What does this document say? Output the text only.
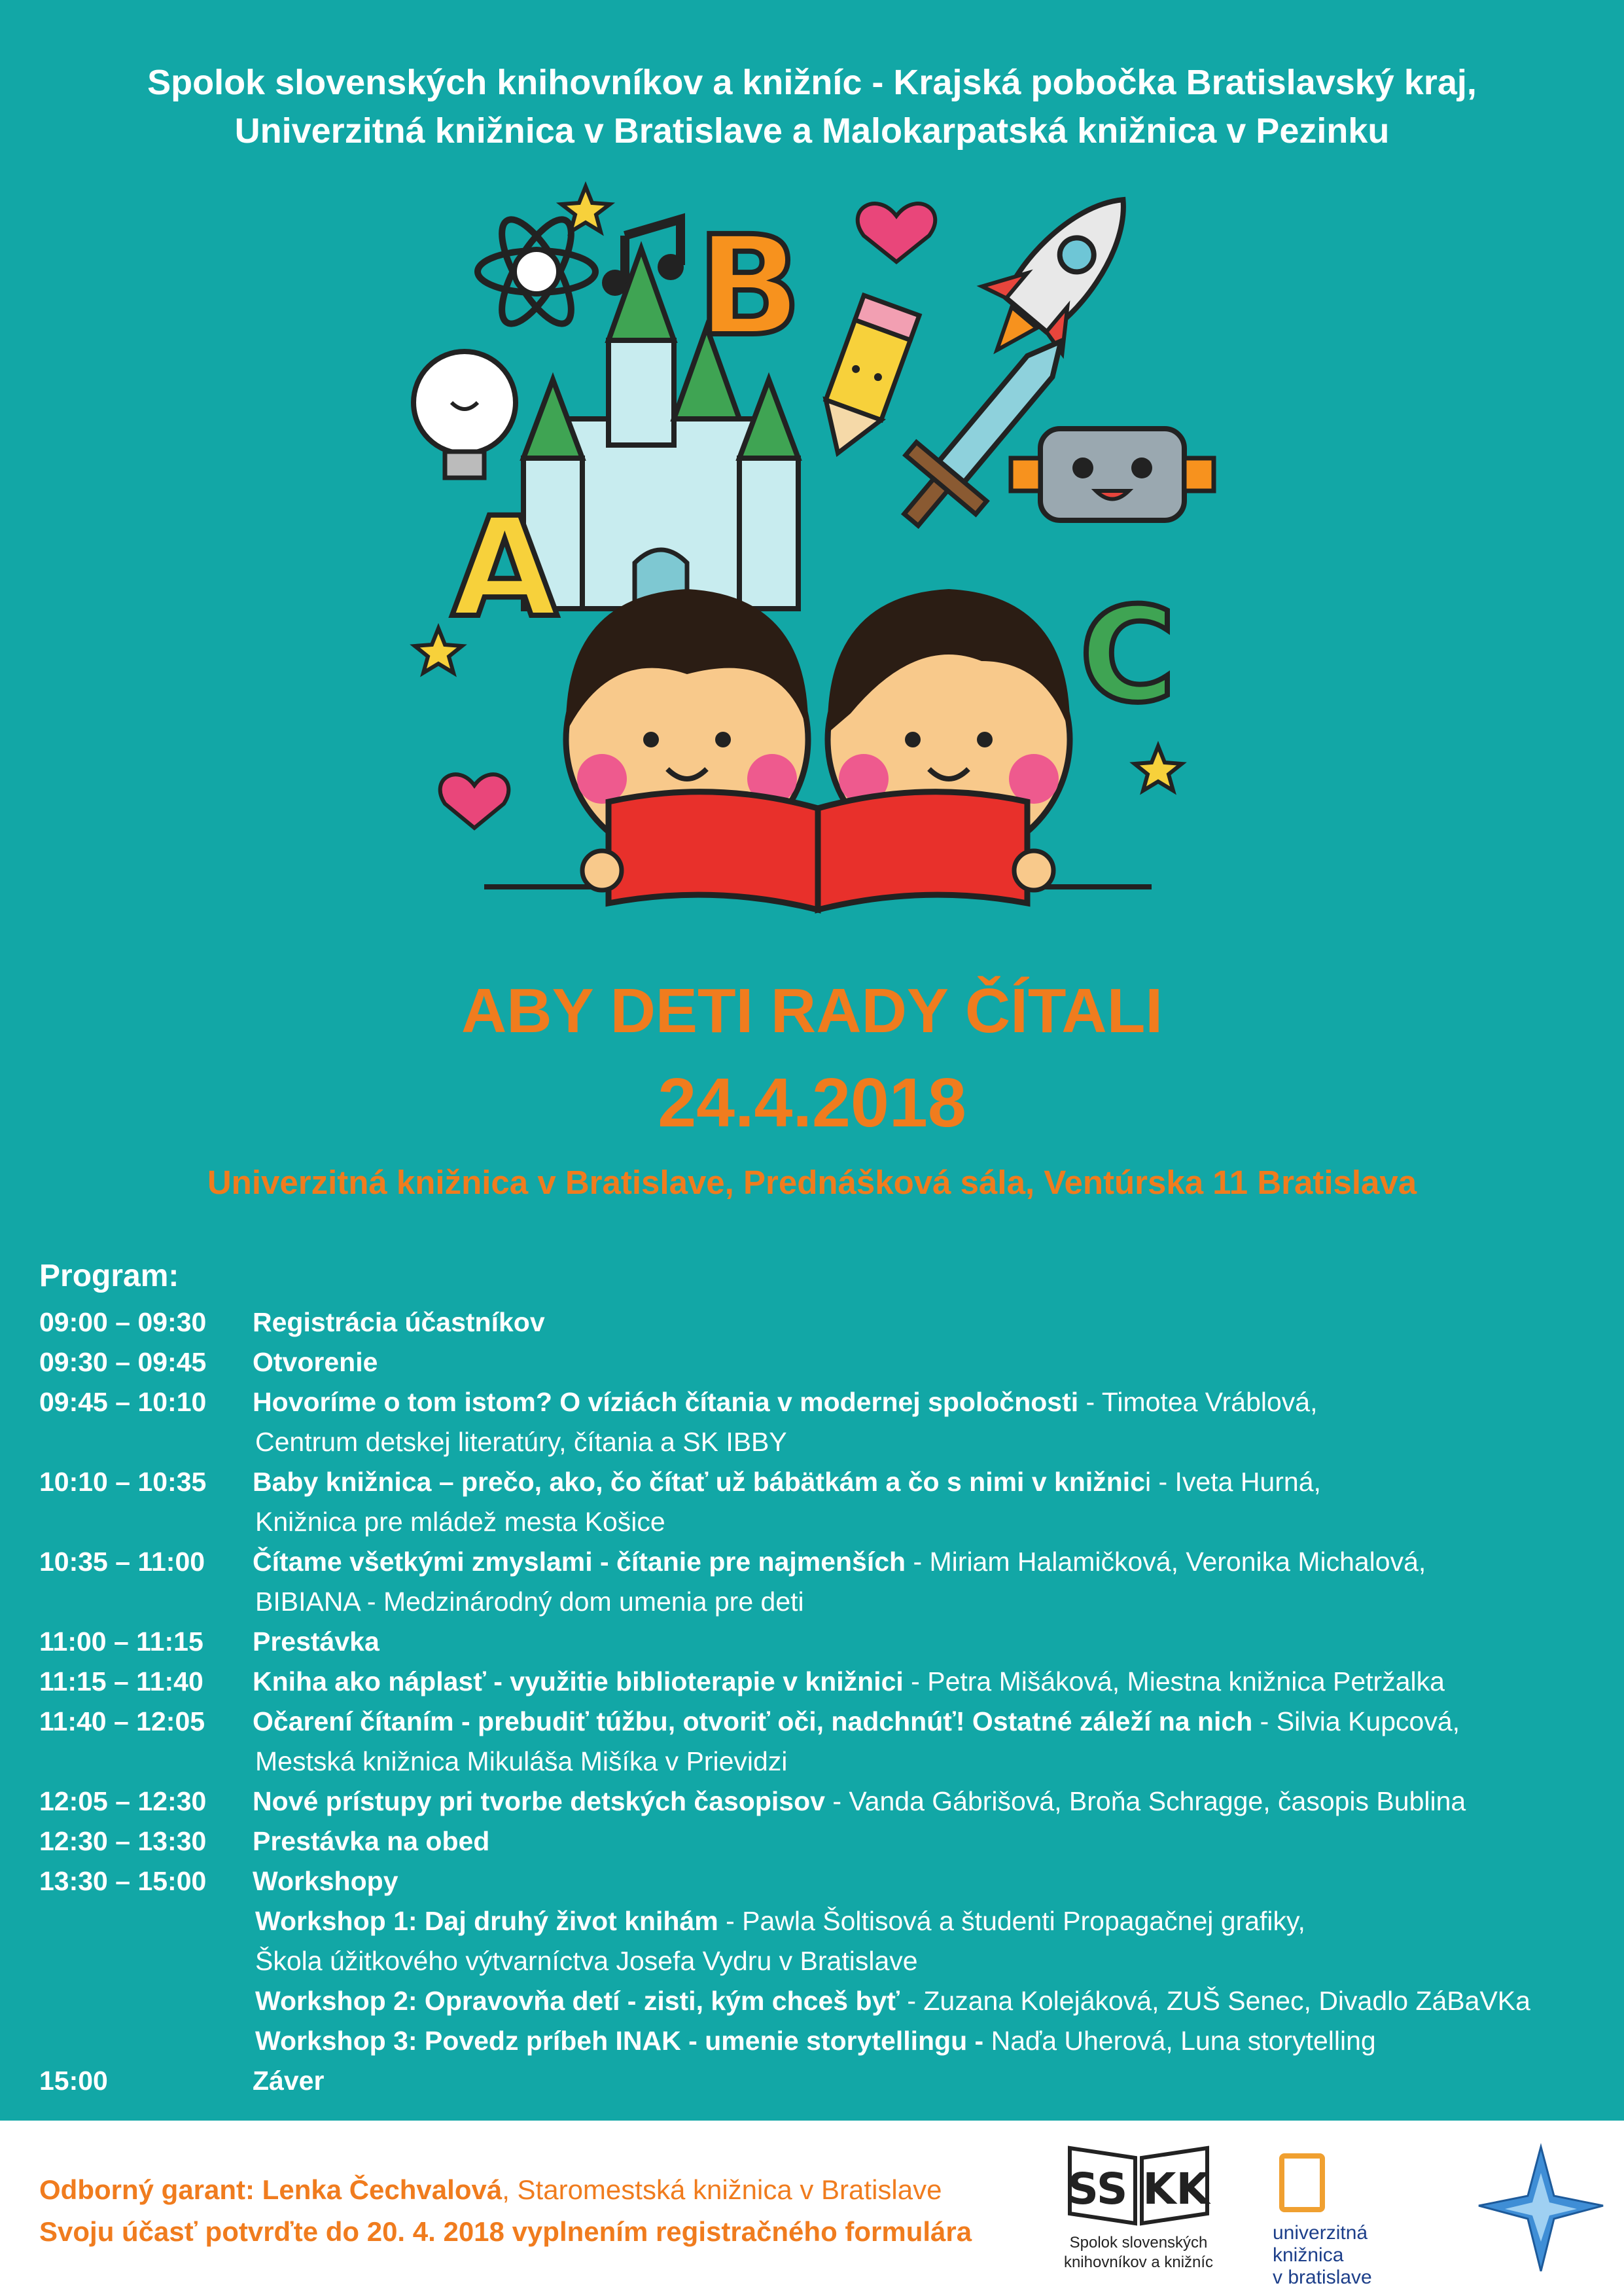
Spolok slovenských knihovníkov a knižníc - Krajská pobočka Bratislavský kraj,
Univerzitná knižnica v Bratislave a Malokarpatská knižnica v Pezinku
B
A
C
ABY DETI RADY ČÍTALI
24.4.2018
Univerzitná knižnica v Bratislave, Prednášková sála, Ventúrska 11 Bratislava
Program:
09:00 – 09:30 Registrácia účastníkov
09:30 – 09:45 Otvorenie
09:45 – 10:10 Hovoríme o tom istom? O víziách čítania v modernej spoločnosti - Timotea Vráblová,
Centrum detskej literatúry, čítania a SK IBBY
10:10 – 10:35 Baby knižnica – prečo, ako, čo čítať už bábätkám a čo s nimi v knižnici - Iveta Hurná,
Knižnica pre mládež mesta Košice
10:35 – 11:00 Čítame všetkými zmyslami - čítanie pre najmenších - Miriam Halamičková, Veronika Michalová,
BIBIANA - Medzinárodný dom umenia pre deti
11:00 – 11:15 Prestávka
11:15 – 11:40 Kniha ako náplasť - využitie biblioterapie v knižnici - Petra Mišáková, Miestna knižnica Petržalka
11:40 – 12:05 Očarení čítaním - prebudiť túžbu, otvoriť oči, nadchnúť! Ostatné záleží na nich - Silvia Kupcová,
Mestská knižnica Mikuláša Mišíka v Prievidzi
12:05 – 12:30 Nové prístupy pri tvorbe detských časopisov - Vanda Gábrišová, Broňa Schragge, časopis Bublina
12:30 – 13:30 Prestávka na obed
13:30 – 15:00 Workshopy
Workshop 1: Daj druhý život knihám - Pawla Šoltisová a študenti Propagačnej grafiky,
Škola úžitkového výtvarníctva Josefa Vydru v Bratislave
Workshop 2: Opravovňa detí - zisti, kým chceš byť - Zuzana Kolejáková, ZUŠ Senec, Divadlo ZáBaVKa
Workshop 3: Povedz príbeh INAK - umenie storytellingu - Naďa Uherová, Luna storytelling
15:00	Záver
Odborný garant: Lenka Čechvalová, Staromestská knižnica v Bratislave
Svoju účasť potvrďte do 20. 4. 2018 vyplnením registračného formulára
SS KK
Spolok slovenských
knihovníkov a knižníc
univerzitná knižnica
v bratislave
